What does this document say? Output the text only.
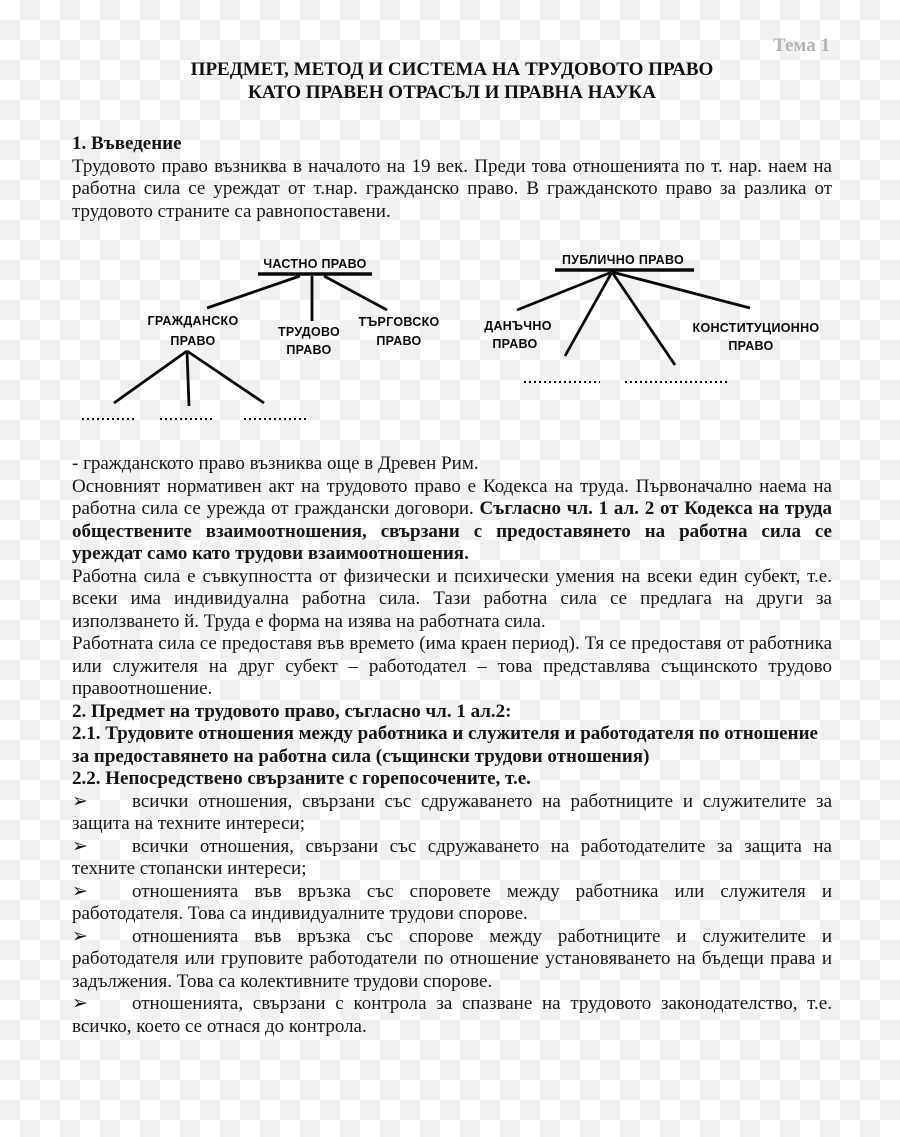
Тема 1
ПРЕДМЕТ, МЕТОД И СИСТЕМА НА ТРУДОВОТО ПРАВО
КАТО ПРАВЕН ОТРАСЪЛ И ПРАВНА НАУКА

1. Въведение

Трудовото право възниква в началото на 19 век. Преди това отношенията по т. нар. наем на работна сила се уреждат от т.нар. гражданско право. В гражданското право за разлика от трудовото страните са равнопоставени.

ЧАСТНО ПРАВО
ГРАЖДАНСКО
ПРАВО
ТРУДОВО
ПРАВО
ТЪРГОВСКО
ПРАВО
ПУБЛИЧНО ПРАВО
ДАНЪЧНО
ПРАВО
КОНСТИТУЦИОННО
ПРАВО

- гражданското право възниква още в Древен Рим.

Основният нормативен акт на трудовото право е Кодекса на труда. Първоначално наема на работна сила се урежда от граждански договори. Съгласно чл. 1 ал. 2 от Кодекса на труда обществените взаимоотношения, свързани с предоставянето на работна сила се уреждат само като трудови взаимоотношения.

Работна сила е съвкупността от физически и психически умения на всеки един субект, т.е. всеки има индивидуална работна сила. Тази работна сила се предлага на други за използването й. Труда е форма на изява на работната сила.

Работната сила се предоставя във времето (има краен период). Тя се предоставя от работника или служителя на друг субект – работодател – това представлява същинското трудово правоотношение.

2. Предмет на трудовото право, съгласно чл. 1 ал.2:

2.1. Трудовите отношения между работника и служителя и работодателя по отношение за предоставянето на работна сила (същински трудови отношения)

2.2. Непосредствено свързаните с горепосочените, т.е.

➢ всички отношения, свързани със сдружаването на работниците и служителите за защита на техните интереси;

➢ всички отношения, свързани със сдружаването на работодателите за защита на техните стопански интереси;

➢ отношенията във връзка със споровете между работника или служителя и работодателя. Това са индивидуалните трудови спорове.

➢ отношенията във връзка със спорове между работниците и служителите и работодателя или груповите работодатели по отношение установяването на бъдещи права и задължения. Това са колективните трудови спорове.

➢ отношенията, свързани с контрола за спазване на трудовото законодателство, т.е. всичко, което се отнася до контрола.
